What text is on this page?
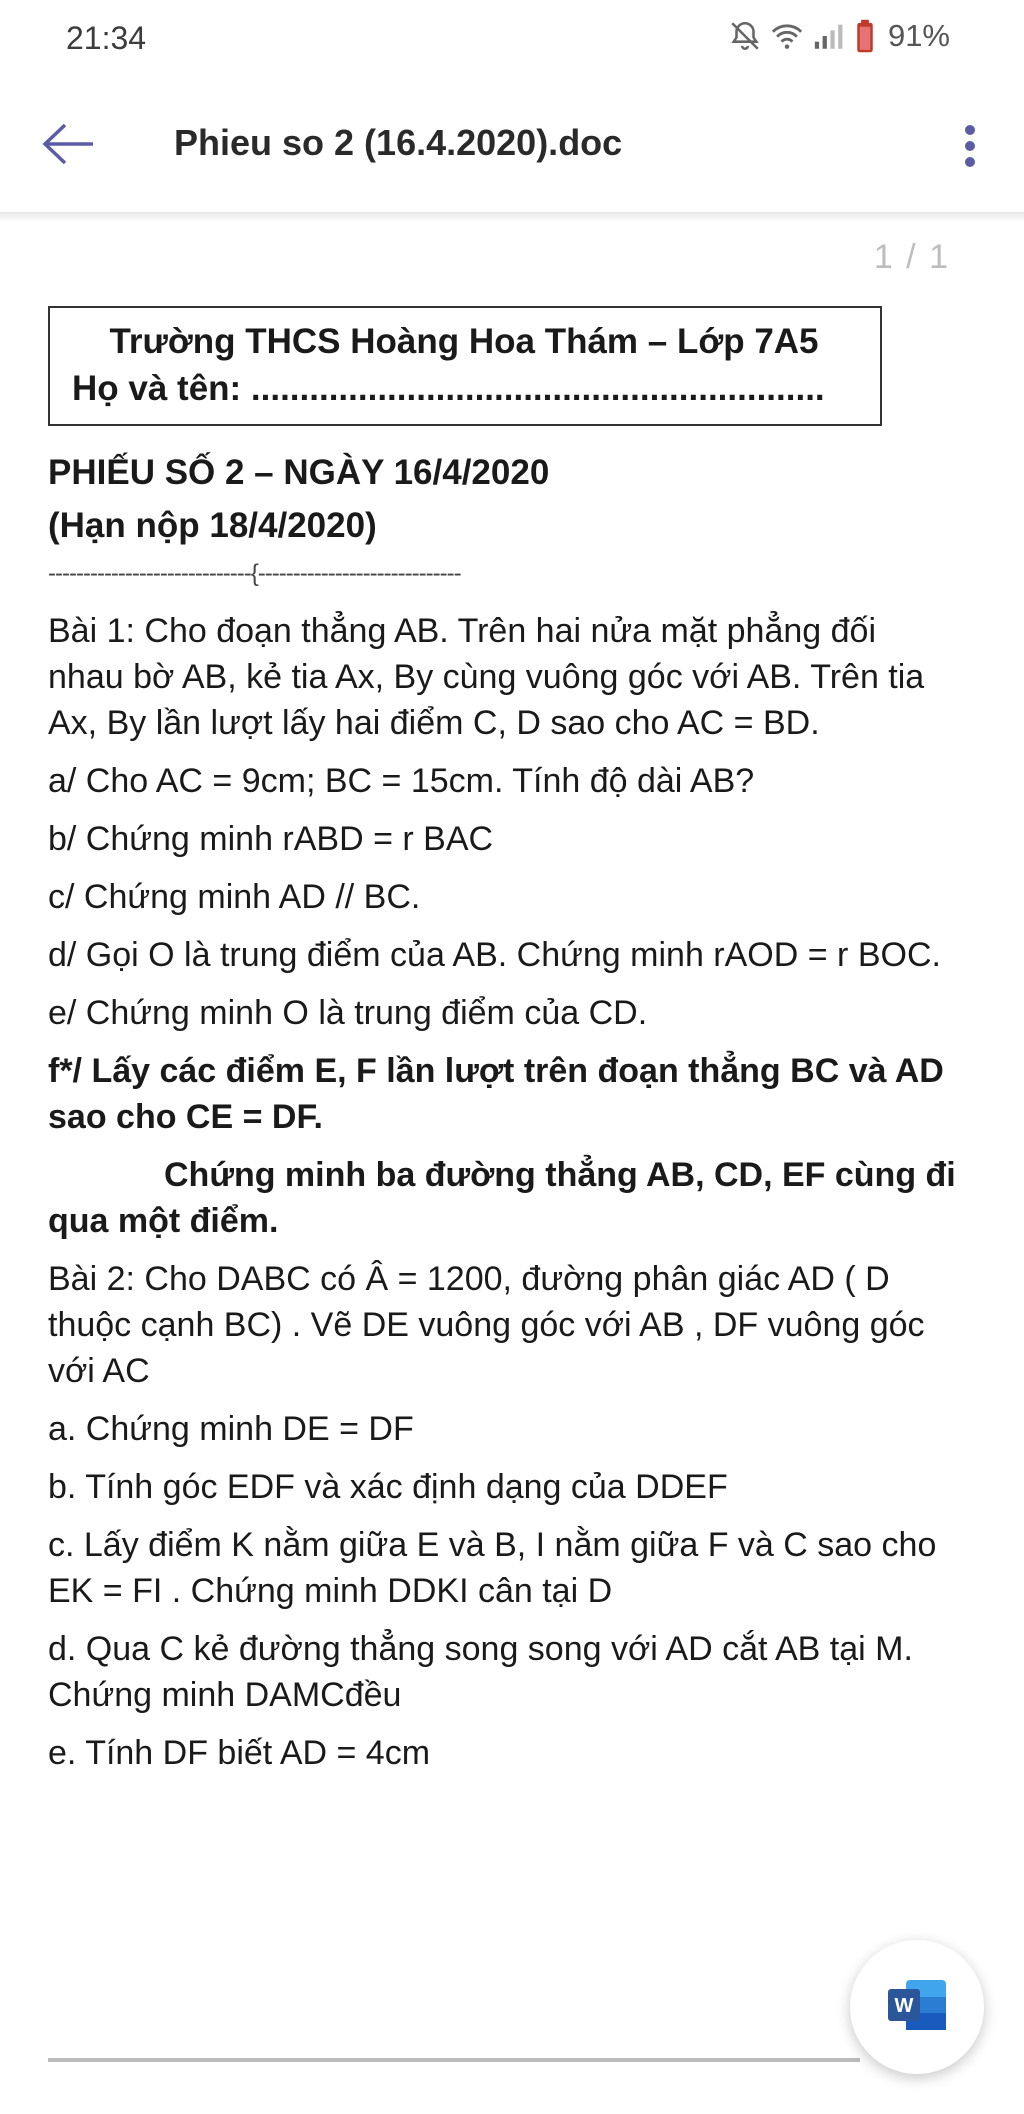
21:34	91%
Phieu so 2 (16.4.2020).doc
1 / 1
Trường THCS Hoàng Hoa Thám – Lớp 7A5
Họ và tên: ...........................................................
PHIẾU SỐ 2 – NGÀY 16/4/2020
(Hạn nộp 18/4/2020)
-----------------------------{-----------------------------

Bài 1: Cho đoạn thẳng AB. Trên hai nửa mặt phẳng đối nhau bờ AB, kẻ tia Ax, By cùng vuông góc với AB. Trên tia Ax, By lần lượt lấy hai điểm C, D sao cho AC = BD.

a/ Cho AC = 9cm; BC = 15cm. Tính độ dài AB?

b/ Chứng minh rABD = r BAC

c/ Chứng minh AD // BC.

d/ Gọi O là trung điểm của AB. Chứng minh rAOD = r BOC.

e/ Chứng minh O là trung điểm của CD.

f*/ Lấy các điểm E, F lần lượt trên đoạn thẳng BC và AD sao cho CE = DF.

Chứng minh ba đường thẳng AB, CD, EF cùng đi qua một điểm.

Bài 2: Cho DABC có Â = 1200, đường phân giác AD ( D thuộc cạnh BC) . Vẽ DE vuông góc với AB , DF vuông góc với AC

a. Chứng minh DE = DF

b. Tính góc EDF và xác định dạng của DDEF

c. Lấy điểm K nằm giữa E và B, I nằm giữa F và C sao cho EK = FI . Chứng minh DDKI cân tại D

d. Qua C kẻ đường thẳng song song với AD cắt AB tại M. Chứng minh DAMCđều

e. Tính DF biết AD = 4cm

W
